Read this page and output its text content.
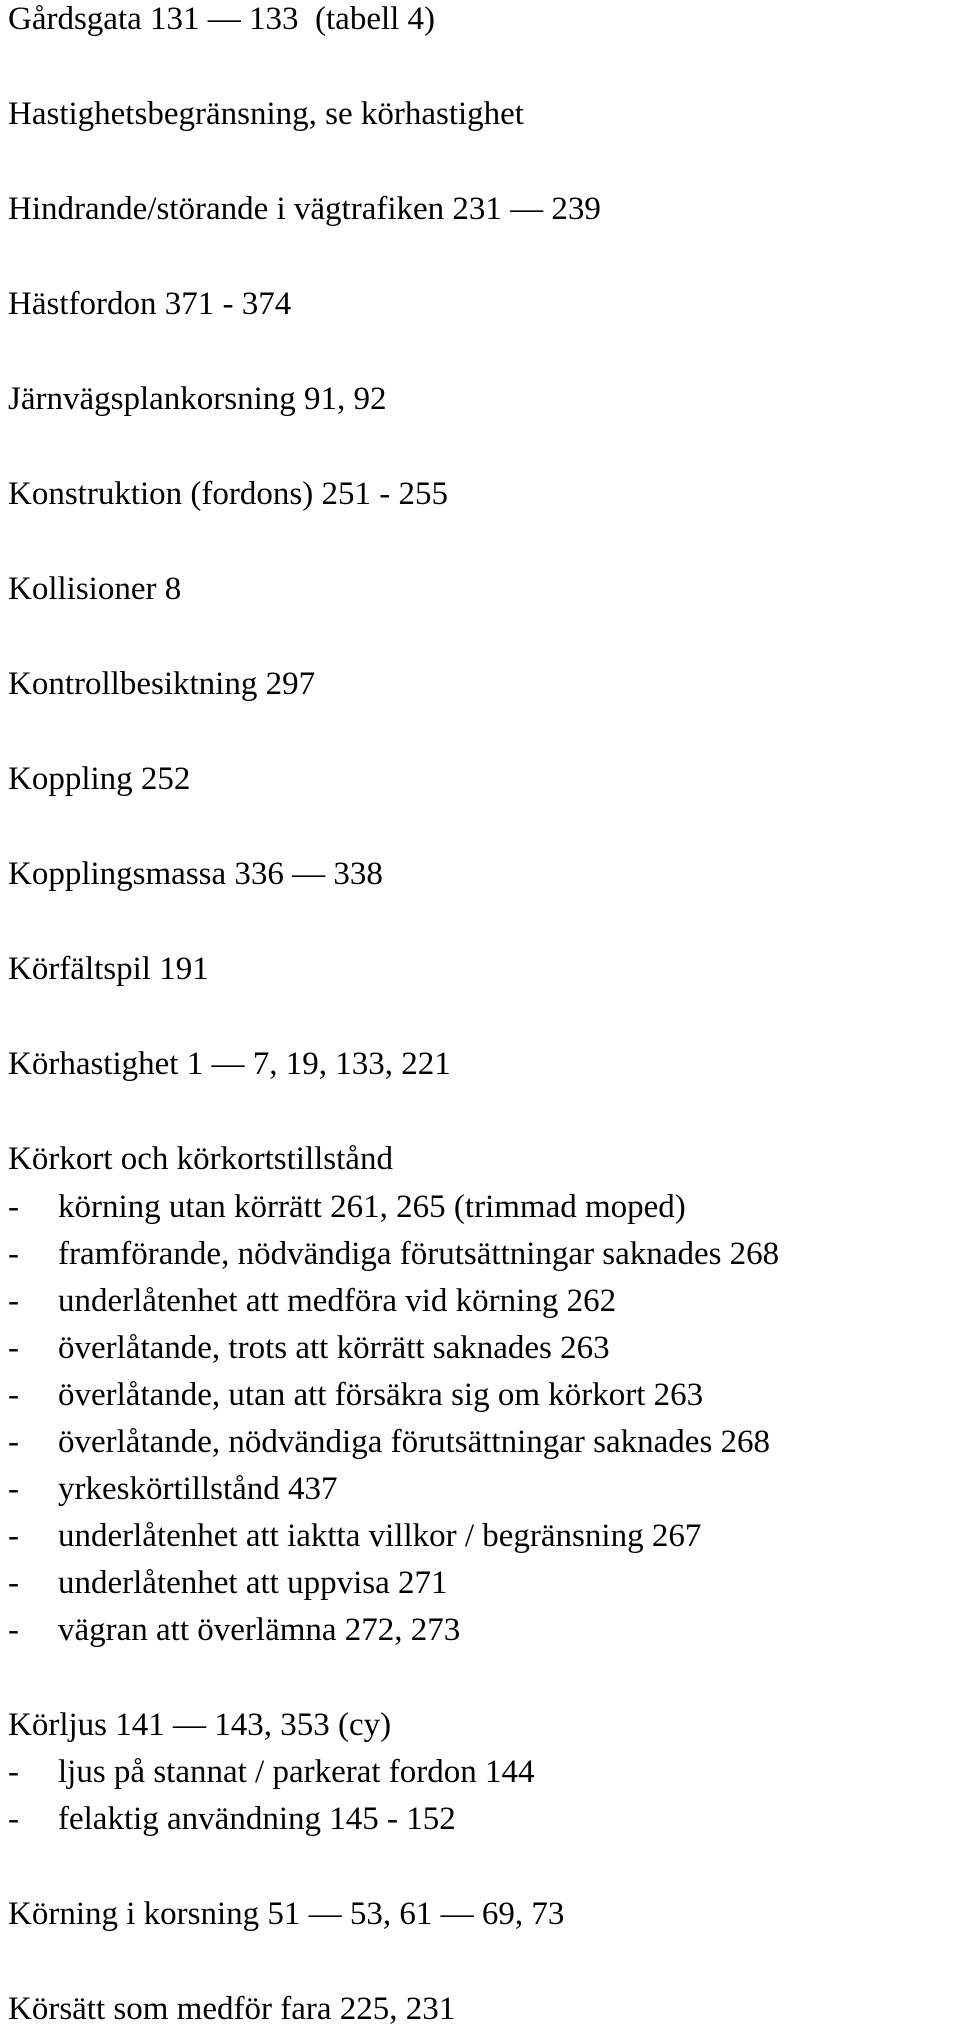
Gårdsgata 131 — 133  (tabell 4)
Hastighetsbegränsning, se körhastighet
Hindrande/störande i vägtrafiken 231 — 239
Hästfordon 371 - 374
Järnvägsplankorsning 91, 92
Konstruktion (fordons) 251 - 255
Kollisioner 8
Kontrollbesiktning 297
Koppling 252
Kopplingsmassa 336 — 338
Körfältspil 191
Körhastighet 1 — 7, 19, 133, 221
Körkort och körkortstillstånd
- körning utan körrätt 261, 265 (trimmad moped)
- framförande, nödvändiga förutsättningar saknades 268
- underlåtenhet att medföra vid körning 262
- överlåtande, trots att körrätt saknades 263
- överlåtande, utan att försäkra sig om körkort 263
- överlåtande, nödvändiga förutsättningar saknades 268
- yrkeskörtillstånd 437
- underlåtenhet att iaktta villkor / begränsning 267
- underlåtenhet att uppvisa 271
- vägran att överlämna 272, 273
Körljus 141 — 143, 353 (cy)
- ljus på stannat / parkerat fordon 144
- felaktig användning 145 - 152
Körning i korsning 51 — 53, 61 — 69, 73
Körsätt som medför fara 225, 231
